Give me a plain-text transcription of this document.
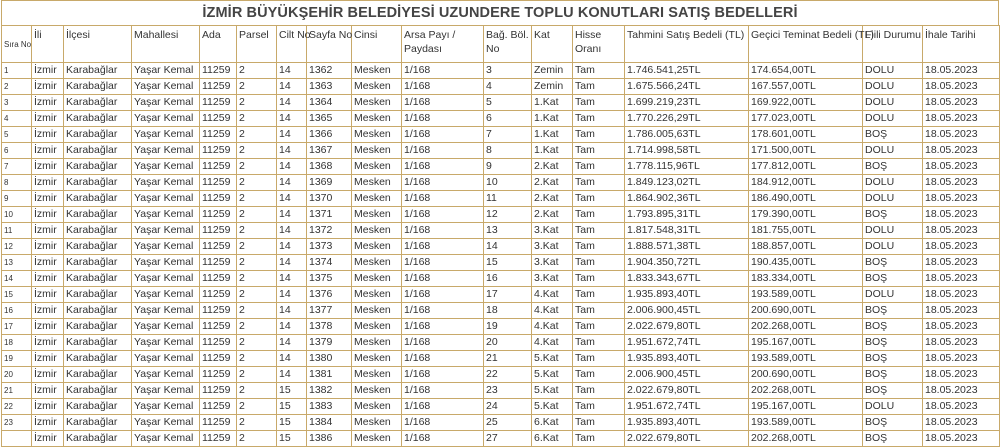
İZMİR BÜYÜKŞEHİR BELEDİYESİ UZUNDERE TOPLU KONUTLARI SATIŞ BEDELLERİ
Sıra No	İli	İlçesi	Mahallesi	Ada	Parsel	Cilt No	Sayfa No	Cinsi	Arsa Payı / Paydası	Bağ. Böl. No	Kat	Hisse Oranı	Tahmini Satış Bedeli (TL)	Geçici Teminat Bedeli (TL)	Fiili Durumu	İhale Tarihi
1	İzmir	Karabağlar	Yaşar Kemal	11259	2	14	1362	Mesken	1/168	3	Zemin	Tam	1.746.541,25TL	174.654,00TL	DOLU	18.05.2023
2	İzmir	Karabağlar	Yaşar Kemal	11259	2	14	1363	Mesken	1/168	4	Zemin	Tam	1.675.566,24TL	167.557,00TL	DOLU	18.05.2023
3	İzmir	Karabağlar	Yaşar Kemal	11259	2	14	1364	Mesken	1/168	5	1.Kat	Tam	1.699.219,23TL	169.922,00TL	DOLU	18.05.2023
4	İzmir	Karabağlar	Yaşar Kemal	11259	2	14	1365	Mesken	1/168	6	1.Kat	Tam	1.770.226,29TL	177.023,00TL	DOLU	18.05.2023
5	İzmir	Karabağlar	Yaşar Kemal	11259	2	14	1366	Mesken	1/168	7	1.Kat	Tam	1.786.005,63TL	178.601,00TL	BOŞ	18.05.2023
6	İzmir	Karabağlar	Yaşar Kemal	11259	2	14	1367	Mesken	1/168	8	1.Kat	Tam	1.714.998,58TL	171.500,00TL	DOLU	18.05.2023
7	İzmir	Karabağlar	Yaşar Kemal	11259	2	14	1368	Mesken	1/168	9	2.Kat	Tam	1.778.115,96TL	177.812,00TL	BOŞ	18.05.2023
8	İzmir	Karabağlar	Yaşar Kemal	11259	2	14	1369	Mesken	1/168	10	2.Kat	Tam	1.849.123,02TL	184.912,00TL	DOLU	18.05.2023
9	İzmir	Karabağlar	Yaşar Kemal	11259	2	14	1370	Mesken	1/168	11	2.Kat	Tam	1.864.902,36TL	186.490,00TL	DOLU	18.05.2023
10	İzmir	Karabağlar	Yaşar Kemal	11259	2	14	1371	Mesken	1/168	12	2.Kat	Tam	1.793.895,31TL	179.390,00TL	BOŞ	18.05.2023
11	İzmir	Karabağlar	Yaşar Kemal	11259	2	14	1372	Mesken	1/168	13	3.Kat	Tam	1.817.548,31TL	181.755,00TL	DOLU	18.05.2023
12	İzmir	Karabağlar	Yaşar Kemal	11259	2	14	1373	Mesken	1/168	14	3.Kat	Tam	1.888.571,38TL	188.857,00TL	DOLU	18.05.2023
13	İzmir	Karabağlar	Yaşar Kemal	11259	2	14	1374	Mesken	1/168	15	3.Kat	Tam	1.904.350,72TL	190.435,00TL	BOŞ	18.05.2023
14	İzmir	Karabağlar	Yaşar Kemal	11259	2	14	1375	Mesken	1/168	16	3.Kat	Tam	1.833.343,67TL	183.334,00TL	BOŞ	18.05.2023
15	İzmir	Karabağlar	Yaşar Kemal	11259	2	14	1376	Mesken	1/168	17	4.Kat	Tam	1.935.893,40TL	193.589,00TL	DOLU	18.05.2023
16	İzmir	Karabağlar	Yaşar Kemal	11259	2	14	1377	Mesken	1/168	18	4.Kat	Tam	2.006.900,45TL	200.690,00TL	BOŞ	18.05.2023
17	İzmir	Karabağlar	Yaşar Kemal	11259	2	14	1378	Mesken	1/168	19	4.Kat	Tam	2.022.679,80TL	202.268,00TL	BOŞ	18.05.2023
18	İzmir	Karabağlar	Yaşar Kemal	11259	2	14	1379	Mesken	1/168	20	4.Kat	Tam	1.951.672,74TL	195.167,00TL	BOŞ	18.05.2023
19	İzmir	Karabağlar	Yaşar Kemal	11259	2	14	1380	Mesken	1/168	21	5.Kat	Tam	1.935.893,40TL	193.589,00TL	BOŞ	18.05.2023
20	İzmir	Karabağlar	Yaşar Kemal	11259	2	14	1381	Mesken	1/168	22	5.Kat	Tam	2.006.900,45TL	200.690,00TL	BOŞ	18.05.2023
21	İzmir	Karabağlar	Yaşar Kemal	11259	2	15	1382	Mesken	1/168	23	5.Kat	Tam	2.022.679,80TL	202.268,00TL	BOŞ	18.05.2023
22	İzmir	Karabağlar	Yaşar Kemal	11259	2	15	1383	Mesken	1/168	24	5.Kat	Tam	1.951.672,74TL	195.167,00TL	DOLU	18.05.2023
23	İzmir	Karabağlar	Yaşar Kemal	11259	2	15	1384	Mesken	1/168	25	6.Kat	Tam	1.935.893,40TL	193.589,00TL	BOŞ	18.05.2023
	İzmir	Karabağlar	Yaşar Kemal	11259	2	15	1386	Mesken	1/168	27	6.Kat	Tam	2.022.679,80TL	202.268,00TL	BOŞ	18.05.2023
